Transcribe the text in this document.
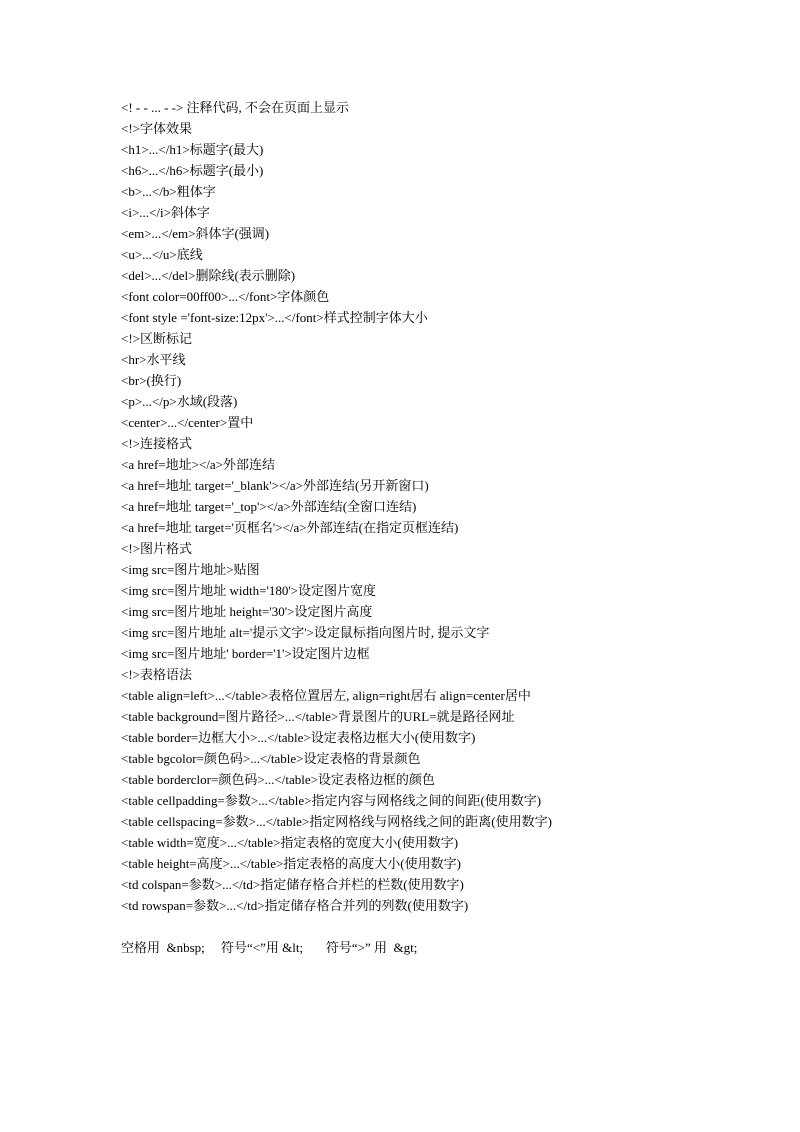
<! - - ... - -> 注释代码, 不会在页面上显示
<!>字体效果
<h1>...</h1>标题字(最大)
<h6>...</h6>标题字(最小)
<b>...</b>粗体字
<i>...</i>斜体字
<em>...</em>斜体字(强调)
<u>...</u>底线
<del>...</del>删除线(表示删除)
<font color=00ff00>...</font>字体颜色
<font style ='font-size:12px'>...</font>样式控制字体大小
<!>区断标记
<hr>水平线
<br>(换行)
<p>...</p>水域(段落)
<center>...</center>置中
<!>连接格式
<a href=地址></a>外部连结
<a href=地址 target='_blank'></a>外部连结(另开新窗口)
<a href=地址 target='_top'></a>外部连结(全窗口连结)
<a href=地址 target='页框名'></a>外部连结(在指定页框连结)
<!>图片格式
<img src=图片地址>贴图
<img src=图片地址 width='180'>设定图片宽度
<img src=图片地址 height='30'>设定图片高度
<img src=图片地址 alt='提示文字'>设定鼠标指向图片时, 提示文字
<img src=图片地址' border='1'>设定图片边框
<!>表格语法
<table align=left>...</table>表格位置居左, align=right居右 align=center居中
<table background=图片路径>...</table>背景图片的URL=就是路径网址
<table border=边框大小>...</table>设定表格边框大小(使用数字)
<table bgcolor=颜色码>...</table>设定表格的背景颜色
<table borderclor=颜色码>...</table>设定表格边框的颜色
<table cellpadding=参数>...</table>指定内容与网格线之间的间距(使用数字)
<table cellspacing=参数>...</table>指定网格线与网格线之间的距离(使用数字)
<table width=宽度>...</table>指定表格的宽度大小(使用数字)
<table height=高度>...</table>指定表格的高度大小(使用数字)
<td colspan=参数>...</td>指定储存格合并栏的栏数(使用数字)
<td rowspan=参数>...</td>指定储存格合并列的列数(使用数字)
空格用  &nbsp;     符号“<”用 &lt;       符号“>” 用  &gt;
